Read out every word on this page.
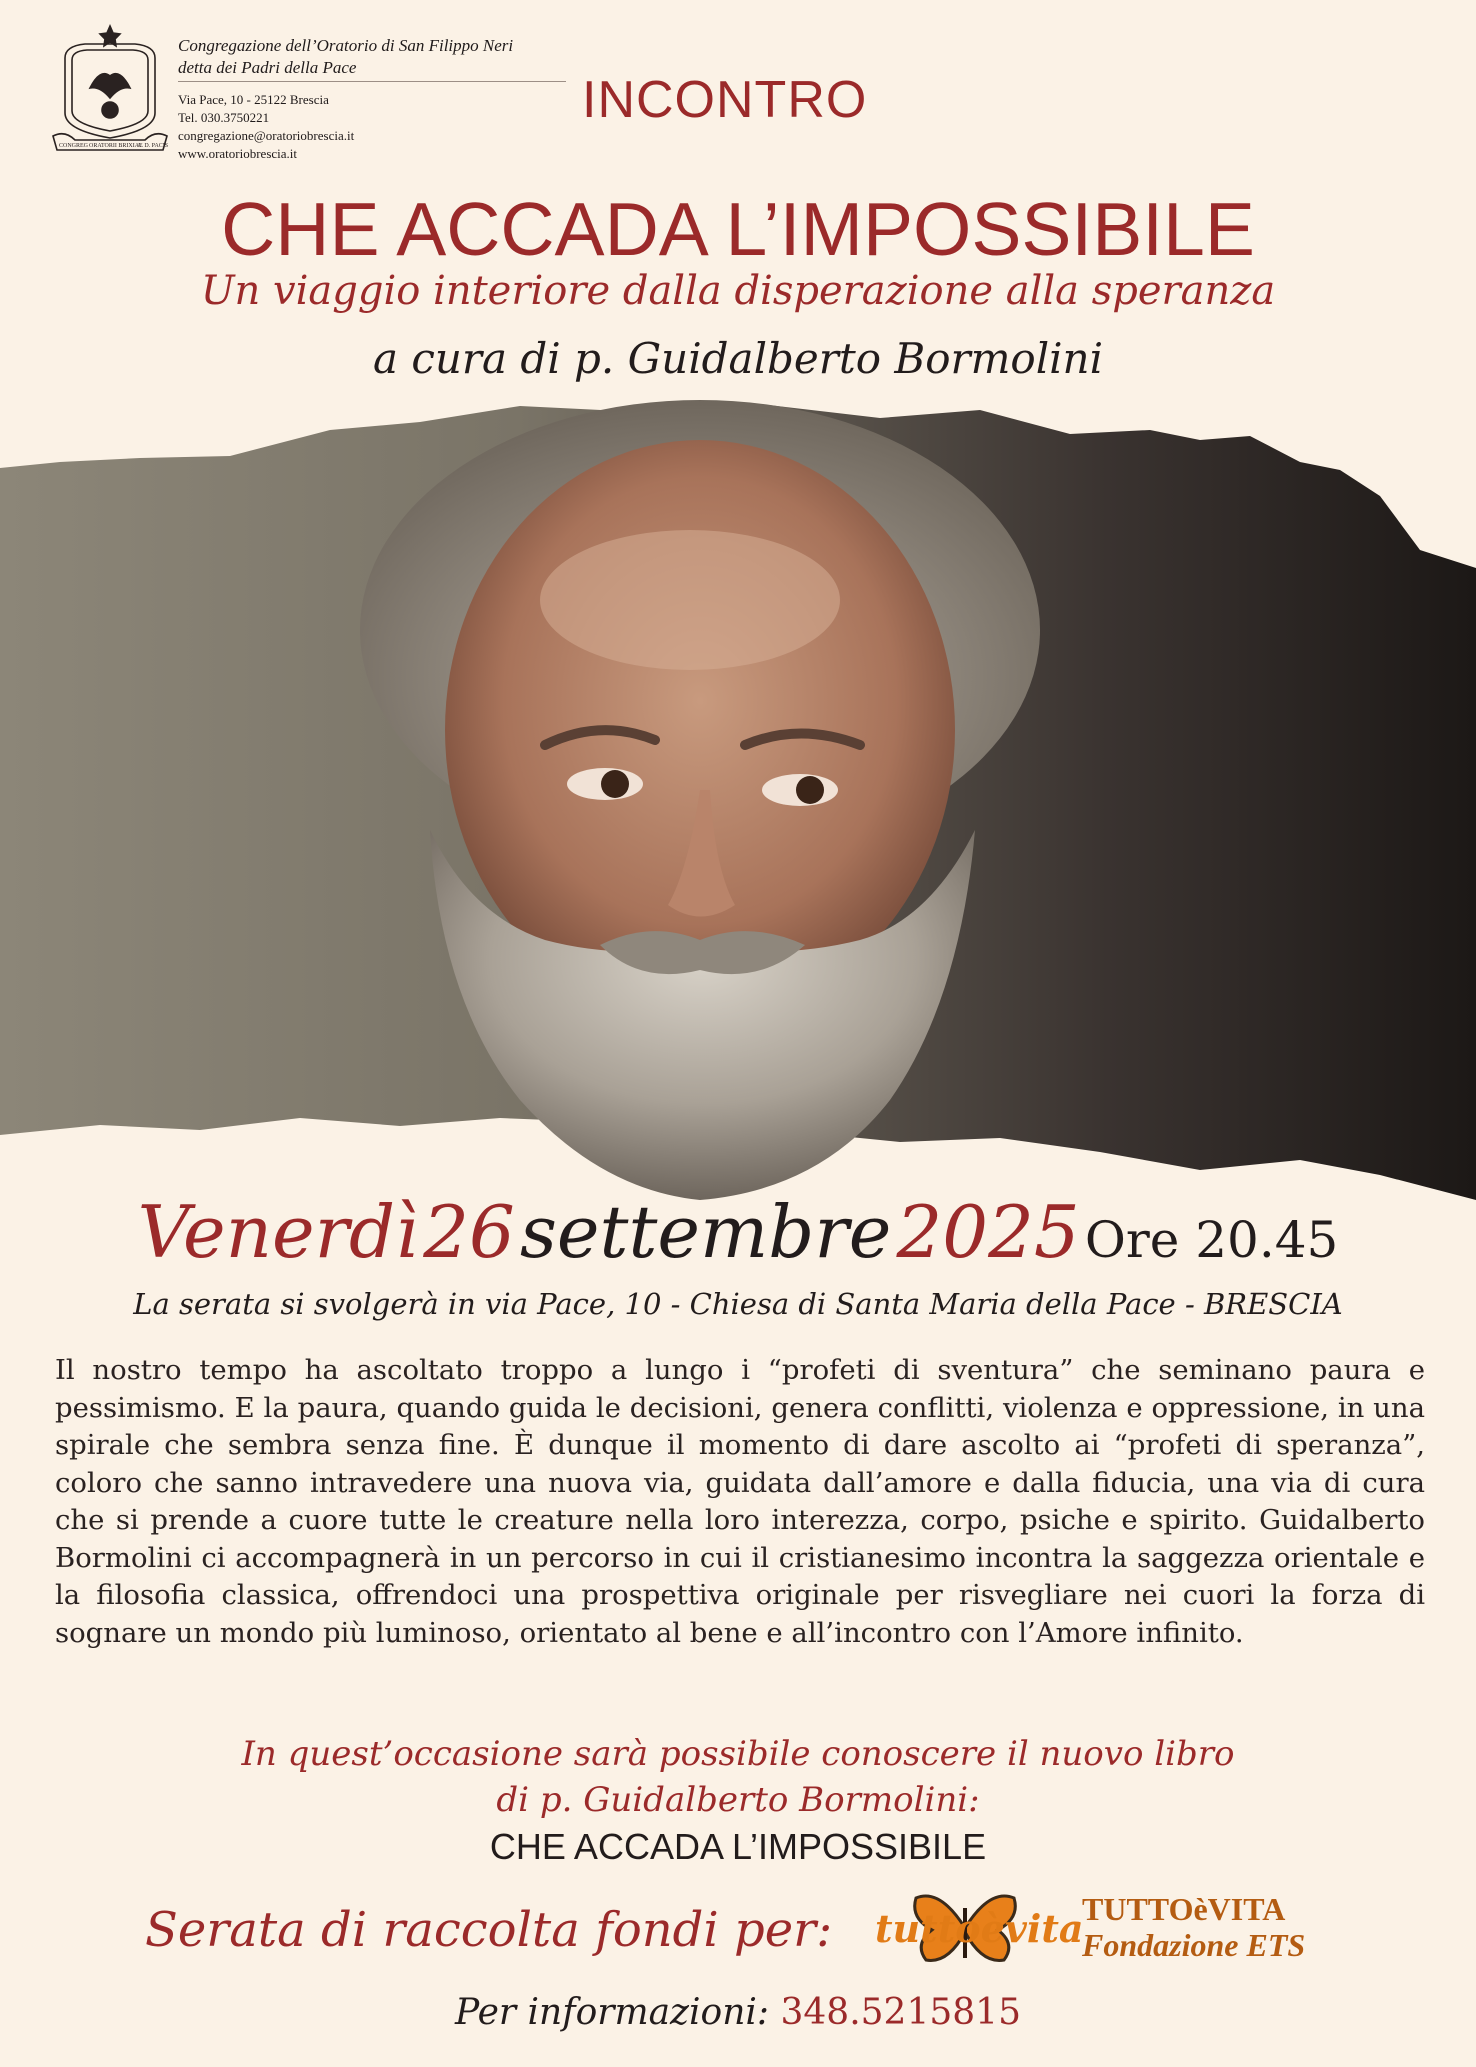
CONGREG ORATORII BRIXIAE
A. D. PACIS
Congregazione dell’Oratorio di San Filippo Neri
detta dei Padri della Pace
Via Pace, 10 - 25122 Brescia
Tel. 030.3750221
congregazione@oratoriobrescia.it
www.oratoriobrescia.it
INCONTRO
CHE ACCADA L’IMPOSSIBILE
Un viaggio interiore dalla disperazione alla speranza
a cura di p. Guidalberto Bormolini
Venerdì 26 settembre 2025 Ore 20.45
La serata si svolgerà in via Pace, 10 - Chiesa di Santa Maria della Pace - BRESCIA
Il nostro tempo ha ascoltato troppo a lungo i “profeti di sventura” che seminano paura e pessimismo. E la paura, quando guida le decisioni, genera conflitti, violenza e oppressione, in una spirale che sembra senza fine. È dunque il momento di dare ascolto ai “profeti di speranza”, coloro che sanno intravedere una nuova via, guidata dall’amore e dalla fiducia, una via di cura che si prende a cuore tutte le creature nella loro interezza, corpo, psiche e spirito. Guidalberto Bormolini ci accompagnerà in un percorso in cui il cristianesimo incontra la saggezza orientale e la filosofia classica, offrendoci una prospettiva originale per risvegliare nei cuori la forza di sognare un mondo più luminoso, orientato al bene e all’incontro con l’Amore infinito.
In quest’occasione sarà possibile conoscere il nuovo libro
di p. Guidalberto Bormolini:
CHE ACCADA L’IMPOSSIBILE
Serata di raccolta fondi per: tuttoèvita
TUTTOèVITA
Fondazione ETS
Per informazioni: 348.5215815
